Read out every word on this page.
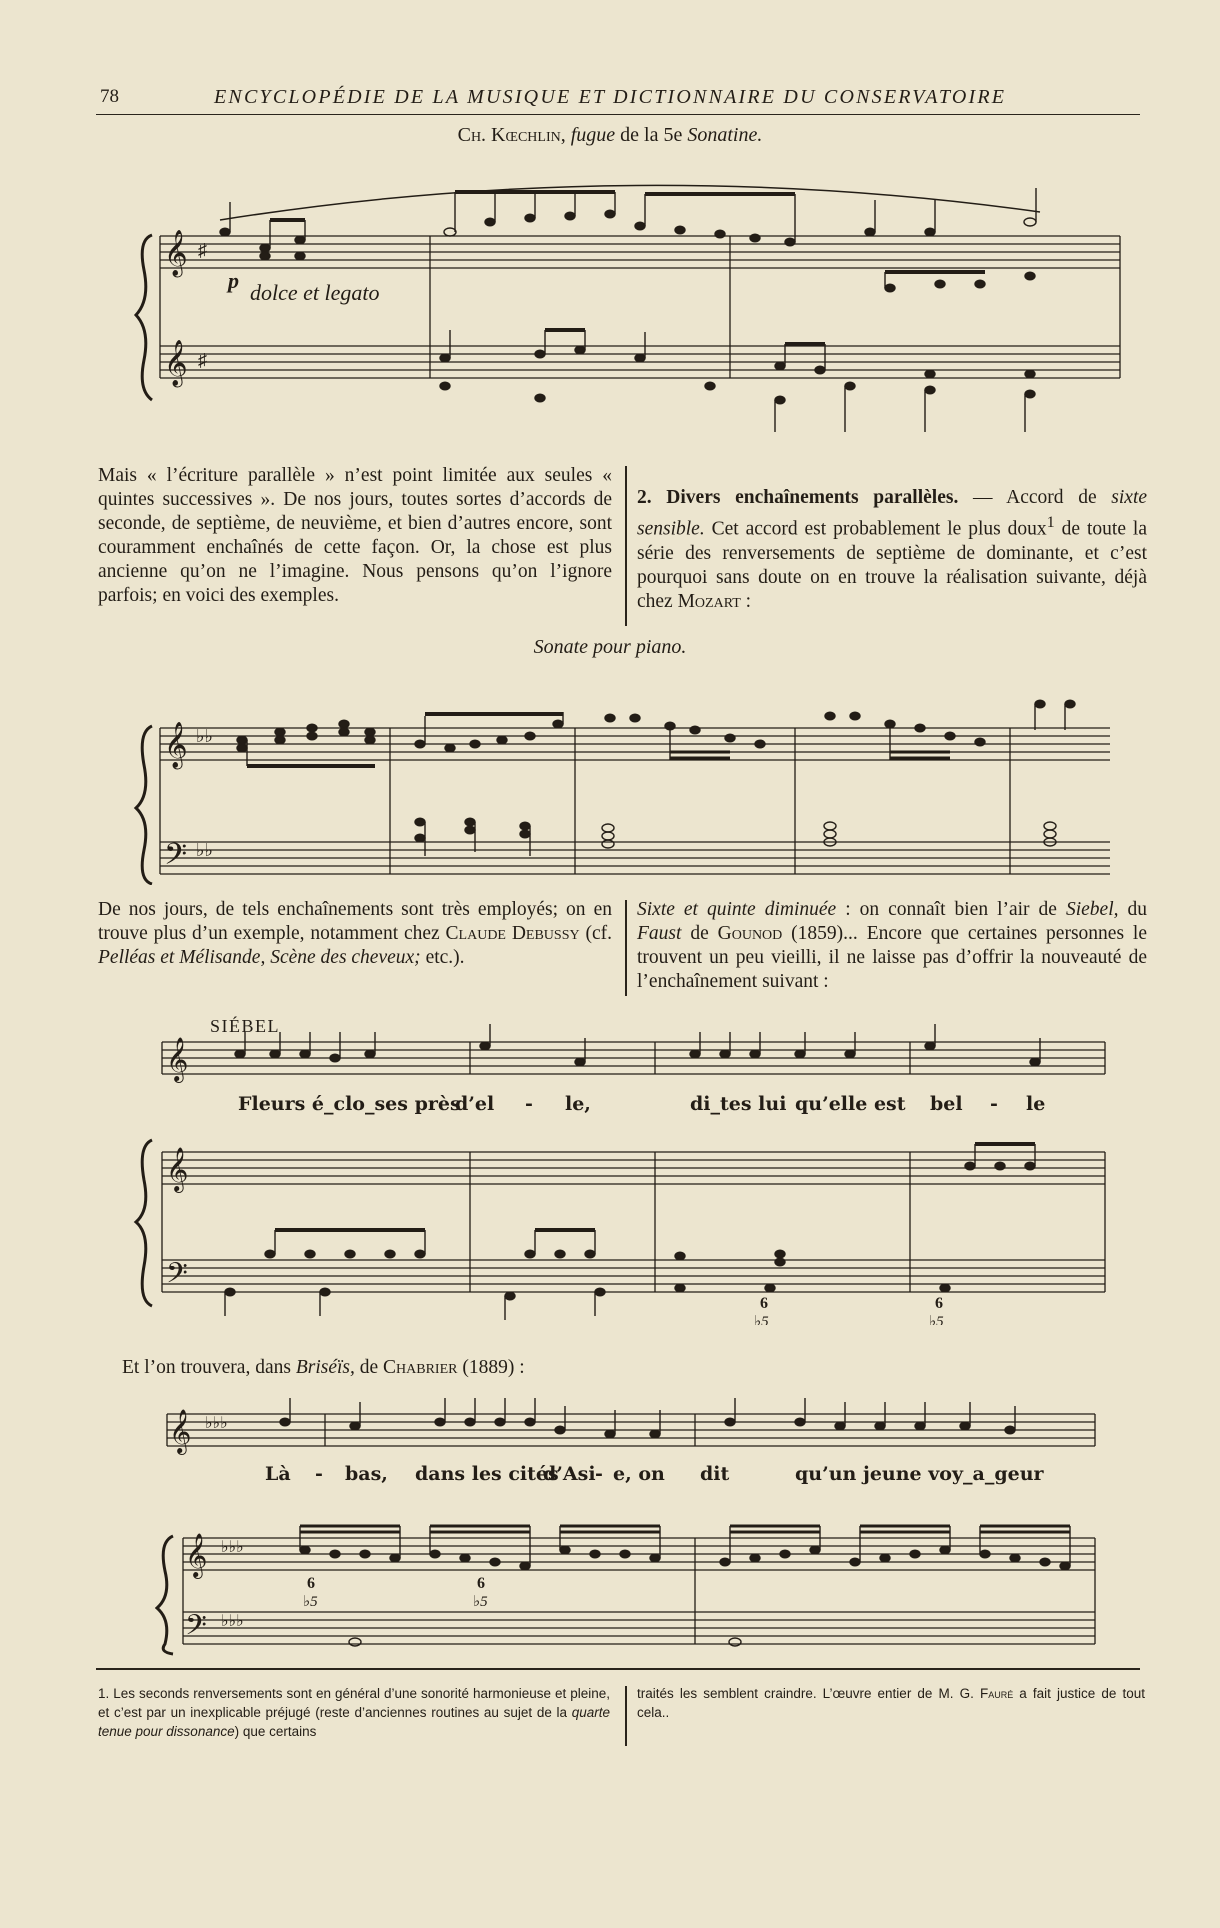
78	ENCYCLOPÉDIE DE LA MUSIQUE ET DICTIONNAIRE DU CONSERVATOIRE
Ch. Kœchlin, fugue de la 5e Sonatine.
𝄞
𝄞
♯
♯
p dolce et legato

Mais « l’écriture parallèle » n’est point limitée aux seules « quintes successives ». De nos jours, toutes sortes d’accords de seconde, de septième, de neuvième, et bien d’autres encore, sont couramment enchaînés de cette façon. Or, la chose est plus ancienne qu’on ne l’imagine. Nous pensons qu’on l’ignore parfois; en voici des exemples.

2. Divers enchaînements parallèles. — Accord de sixte sensible. Cet accord est probablement le plus doux$^1$ de toute la série des renversements de septième de dominante, et c’est pourquoi sans doute on en trouve la réalisation suivante, déjà chez Mozart :

Sonate pour piano.
𝄞
𝄢
♭♭
♭♭

De nos jours, de tels enchaînements sont très employés; on en trouve plus d’un exemple, notamment chez Claude Debussy (cf. Pelléas et Mélisande, Scène des cheveux; etc.).

Sixte et quinte diminuée : on connaît bien l’air de Siebel, du Faust de Gounod (1859)... Encore que certaines personnes le trouvent un peu vieilli, il ne laisse pas d’offrir la nouveauté de l’enchaînement suivant :

SIÉBEL
𝄞
𝄞
𝄢
Fleurs é_clo_ses près
d’el - le,	di_tes lui qu’elle est bel - le
6
♭5
6
♭5

Et l’on trouvera, dans Briséïs, de Chabrier (1889) :

𝄞
𝄞
𝄢
♭♭♭
♭♭♭
♭♭♭
Là - bas, dans les cités
d’Asi - e, on dit	qu’un jeune voy_a_geur
6
♭5
6
♭5

1. Les seconds renversements sont en général d’une sonorité harmonieuse et pleine, et c’est par un inexplicable préjugé (reste d’anciennes routines au sujet de la quarte tenue pour dissonance) que certains

traités les semblent craindre. L’œuvre entier de M. G. Fauré a fait justice de tout cela..
